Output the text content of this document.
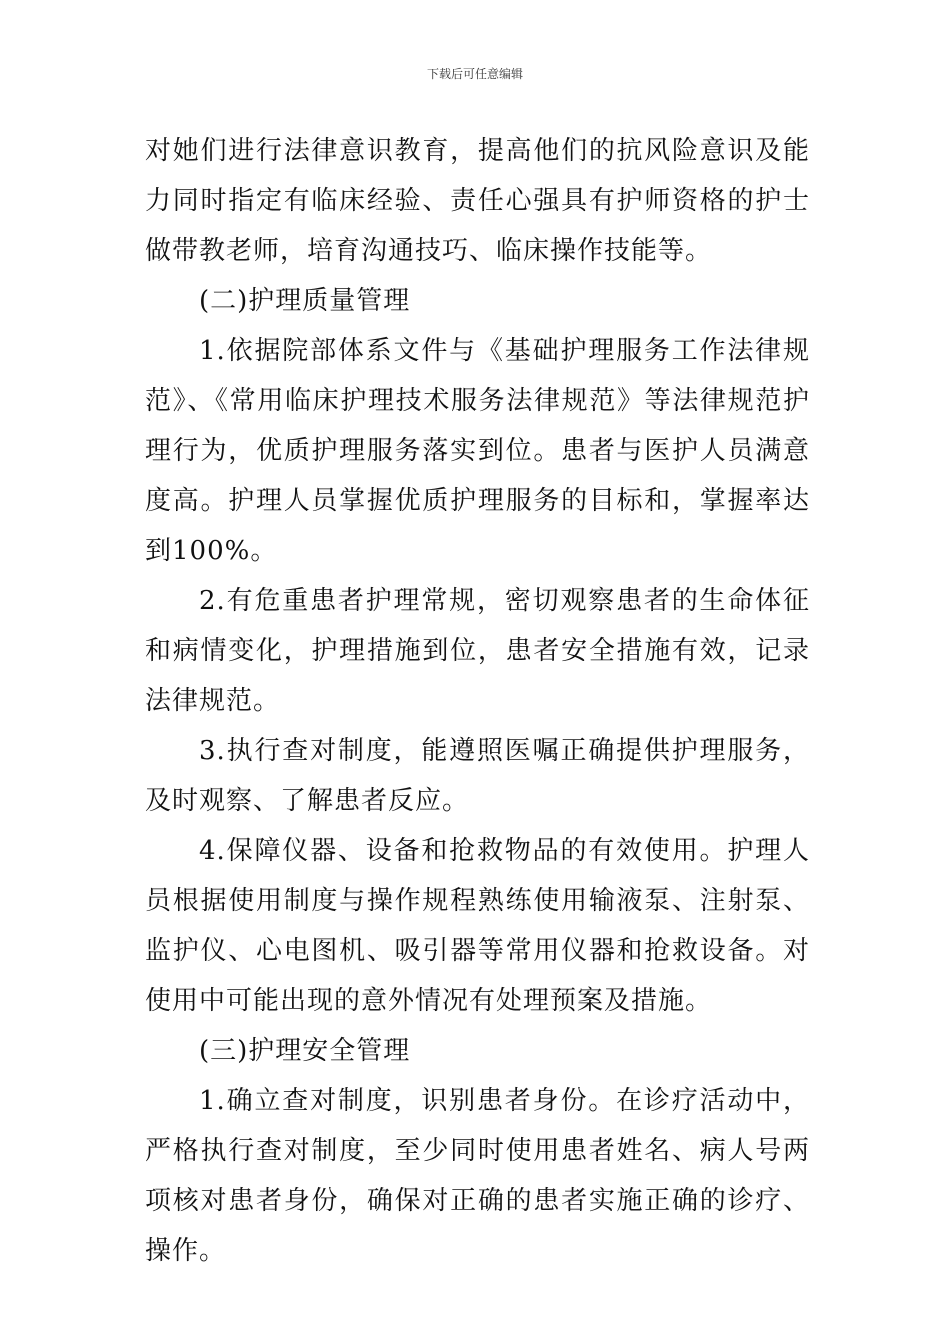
下载后可任意编辑

对她们进行法律意识教育，提高他们的抗风险意识及能力同时指定有临床经验、责任心强具有护师资格的护士做带教老师，培育沟通技巧、临床操作技能等。

(二)护理质量管理

1.依据院部体系文件与《基础护理服务工作法律规范》、《常用临床护理技术服务法律规范》等法律规范护理行为，优质护理服务落实到位。患者与医护人员满意度高。护理人员掌握优质护理服务的目标和，掌握率达到100%。

2.有危重患者护理常规，密切观察患者的生命体征和病情变化，护理措施到位，患者安全措施有效，记录法律规范。

3.执行查对制度，能遵照医嘱正确提供护理服务，及时观察、了解患者反应。

4.保障仪器、设备和抢救物品的有效使用。护理人员根据使用制度与操作规程熟练使用输液泵、注射泵、监护仪、心电图机、吸引器等常用仪器和抢救设备。对使用中可能出现的意外情况有处理预案及措施。

(三)护理安全管理

1.确立查对制度，识别患者身份。在诊疗活动中，严格执行查对制度，至少同时使用患者姓名、病人号两项核对患者身份，确保对正确的患者实施正确的诊疗、操作。
